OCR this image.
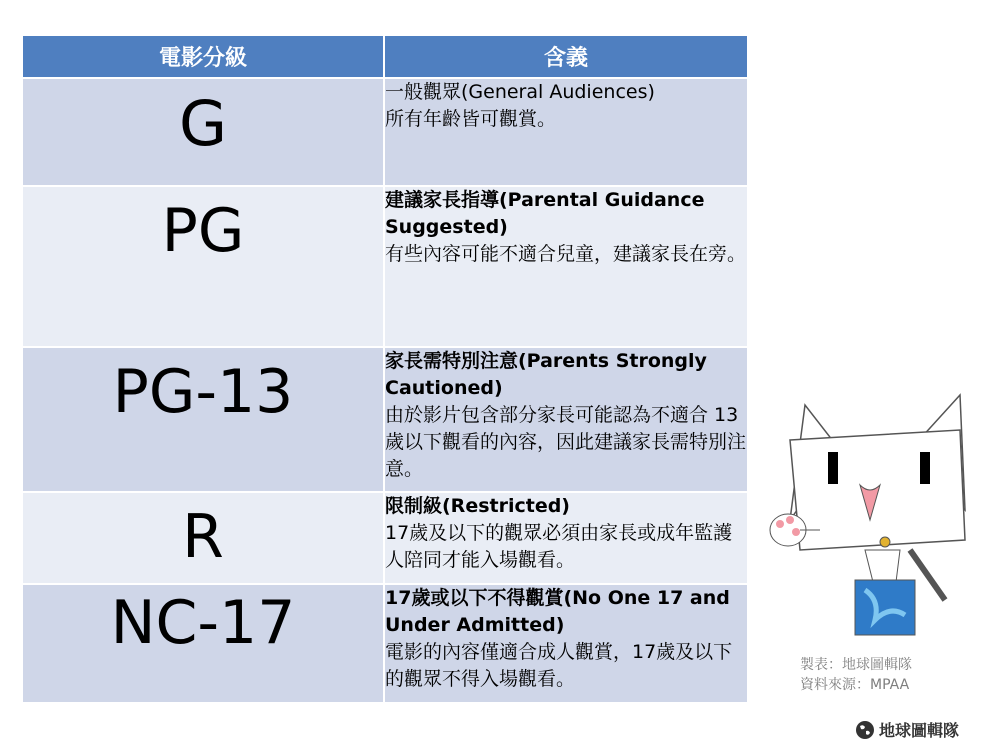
電影分級	含義

G	一般觀眾(General Audiences)
所有年齡皆可觀賞。

PG	建議家長指導(Parental Guidance Suggested)
有些內容可能不適合兒童，建議家長在旁。

PG-13	家長需特別注意(Parents Strongly Cautioned)
由於影片包含部分家長可能認為不適合 13歲以下觀看的內容，因此建議家長需特別注意。

R	限制級(Restricted)
17歲及以下的觀眾必須由家長或成年監護人陪同才能入場觀看。

NC-17	17歲或以下不得觀賞(No One 17 and Under Admitted)
電影的內容僅適合成人觀賞，17歲及以下的觀眾不得入場觀看。
製表：地球圖輯隊
資料來源：MPAA
地球圖輯隊
